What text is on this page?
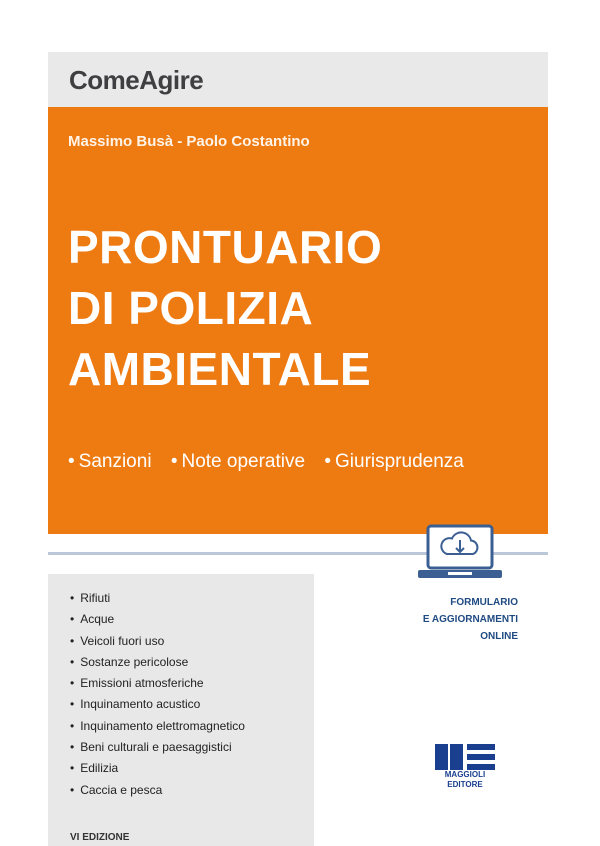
ComeAgire
Massimo Busà - Paolo Costantino
PRONTUARIO
DI POLIZIA
AMBIENTALE
• Sanzioni • Note operative • Giurisprudenza
• Rifiuti
• Acque
• Veicoli fuori uso
• Sostanze pericolose
• Emissioni atmosferiche
• Inquinamento acustico
• Inquinamento elettromagnetico
• Beni culturali e paesaggistici
• Edilizia
• Caccia e pesca
VI EDIZIONE
FORMULARIO
E AGGIORNAMENTI
ONLINE
MAGGIOLI
EDITORE
